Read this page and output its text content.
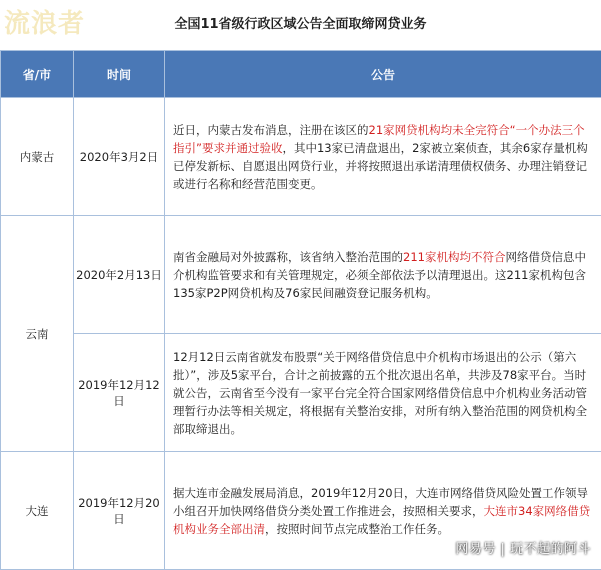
流浪者	全国11省级行政区域公告全面取缔网贷业务
省/市	时间	公告
内蒙古	2020年3月2日	近日，内蒙古发布消息，注册在该区的21家网贷机构均未全完符合“一个办法三个指引”要求并通过验收，其中13家已清盘退出，2家被立案侦查，其余6家存量机构已停发新标、自愿退出网贷行业，并将按照退出承诺清理债权债务、办理注销登记或进行名称和经营范围变更。
云南	2020年2月13日	南省金融局对外披露称，该省纳入整治范围的211家机构均不符合网络借贷信息中介机构监管要求和有关管理规定，必须全部依法予以清理退出。这211家机构包含135家P2P网贷机构及76家民间融资登记服务机构。
	2019年12月12日	12月12日云南省就发布股票“关于网络借贷信息中介机构市场退出的公示（第六批）”，涉及5家平台，合计之前披露的五个批次退出名单，共涉及78家平台。当时就公告，云南省至今没有一家平台完全符合国家网络借贷信息中介机构业务活动管理暂行办法等相关规定，将根据有关整治安排，对所有纳入整治范围的网贷机构全部取缔退出。
大连	2019年12月20日	据大连市金融发展局消息，2019年12月20日，大连市网络借贷风险处置工作领导小组召开加快网络借贷分类处置工作推进会，按照相关要求，大连市34家网络借贷机构业务全部出清，按照时间节点完成整治工作任务。
网易号 | 玩不起的阿斗
